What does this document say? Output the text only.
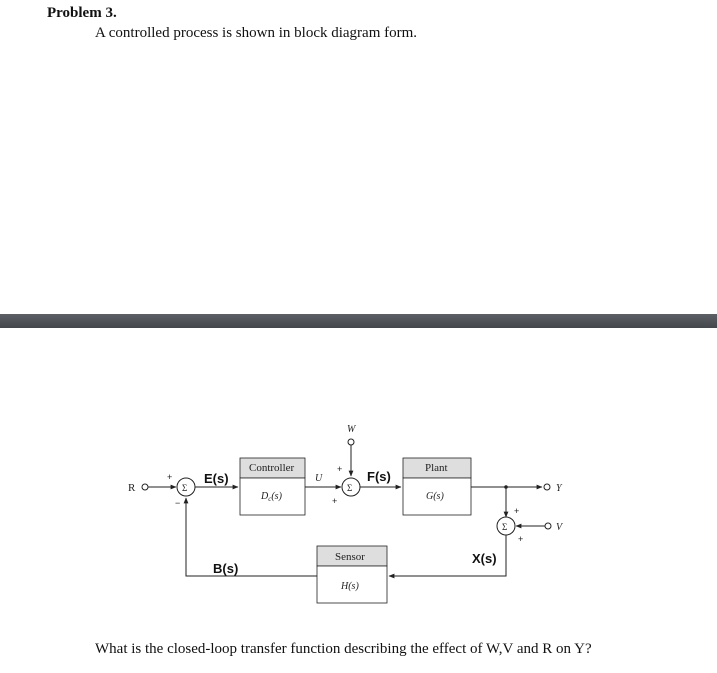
Problem 3.
A controlled process is shown in block diagram form.
R	Σ
+
−
E(s)
Controller
$D_c(s)$
U
W
Σ
+
+
F(s)
Plant
G(s)
Y
Σ
+
+
V
X(s)
Sensor
H(s)
B(s)
What is the closed-loop transfer function describing the effect of W,V and R on Y?
